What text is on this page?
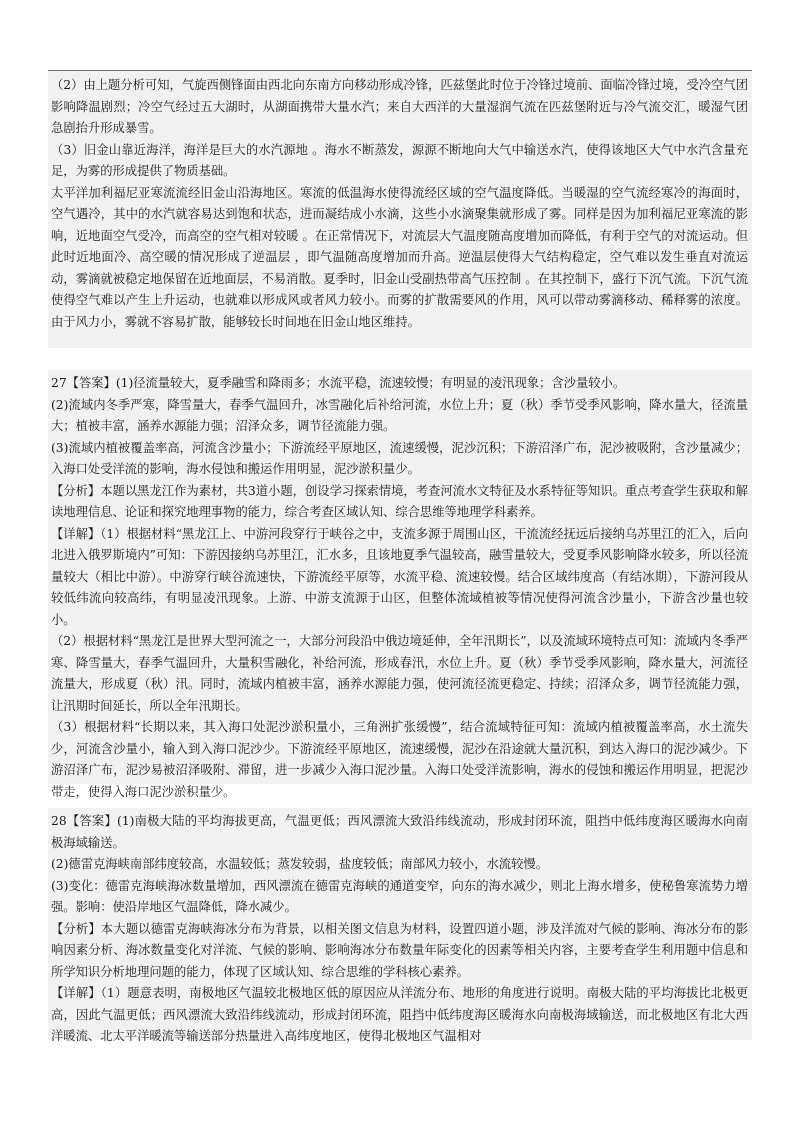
（2）由上题分析可知，气旋西侧锋面由西北向东南方向移动形成冷锋，匹兹堡此时位于冷锋过境前、面临冷锋过境，受冷空气团影响降温剧烈；冷空气经过五大湖时，从湖面携带大量水汽；来自大西洋的大量湿润气流在匹兹堡附近与冷气流交汇，暖湿气团急剧抬升形成暴雪。

（3）旧金山靠近海洋，海洋是巨大的水汽源地 。海水不断蒸发，源源不断地向大气中输送水汽，使得该地区大气中水汽含量充足，为雾的形成提供了物质基础。

太平洋加利福尼亚寒流流经旧金山沿海地区。寒流的低温海水使得流经区域的空气温度降低。当暖湿的空气流经寒冷的海面时，空气遇冷，其中的水汽就容易达到饱和状态，进而凝结成小水滴，这些小水滴聚集就形成了雾。同样是因为加利福尼亚寒流的影响，近地面空气受冷，而高空的空气相对较暖 。在正常情况下，对流层大气温度随高度增加而降低，有利于空气的对流运动。但此时近地面冷、高空暖的情况形成了逆温层 ，即气温随高度增加而升高。逆温层使得大气结构稳定，空气难以发生垂直对流运动，雾滴就被稳定地保留在近地面层，不易消散。夏季时，旧金山受副热带高气压控制 。在其控制下，盛行下沉气流。下沉气流使得空气难以产生上升运动，也就难以形成风或者风力较小。而雾的扩散需要风的作用，风可以带动雾滴移动、稀释雾的浓度。由于风力小，雾就不容易扩散，能够较长时间地在旧金山地区维持。

27【答案】(1)径流量较大，夏季融雪和降雨多；水流平稳，流速较慢；有明显的凌汛现象；含沙量较小。

(2)流域内冬季严寒，降雪量大，春季气温回升，冰雪融化后补给河流，水位上升；夏（秋）季节受季风影响，降水量大，径流量大；植被丰富，涵养水源能力强；沼泽众多，调节径流能力强。

(3)流域内植被覆盖率高，河流含沙量小；下游流经平原地区，流速缓慢，泥沙沉积；下游沼泽广布，泥沙被吸附，含沙量减少；入海口处受洋流的影响，海水侵蚀和搬运作用明显，泥沙淤积量少。

【分析】本题以黑龙江作为素材，共3道小题，创设学习探索情境，考查河流水文特征及水系特征等知识。重点考查学生获取和解读地理信息、论证和探究地理事物的能力，综合考查区域认知、综合思维等地理学科素养。

【详解】（1）根据材料“黑龙江上、中游河段穿行于峡谷之中，支流多源于周围山区，干流流经抚远后接纳乌苏里江的汇入，后向北进入俄罗斯境内”可知：下游因接纳乌苏里江，汇水多，且该地夏季气温较高，融雪量较大，受夏季风影响降水较多，所以径流量较大（相比中游）。中游穿行峡谷流速快，下游流经平原等，水流平稳、流速较慢。结合区域纬度高（有结冰期），下游河段从较低纬流向较高纬，有明显凌汛现象。上游、中游支流源于山区，但整体流域植被等情况使得河流含沙量小，下游含沙量也较小。

（2）根据材料“黑龙江是世界大型河流之一，大部分河段沿中俄边境延伸，全年汛期长”，以及流域环境特点可知：流域内冬季严寒、降雪量大，春季气温回升，大量积雪融化，补给河流，形成春汛，水位上升。夏（秋）季节受季风影响，降水量大，河流径流量大，形成夏（秋）汛。同时，流域内植被丰富，涵养水源能力强，使河流径流更稳定、持续；沼泽众多，调节径流能力强，让汛期时间延长，所以全年汛期长。

（3）根据材料“长期以来，其入海口处泥沙淤积量小，三角洲扩张缓慢”，结合流域特征可知：流域内植被覆盖率高，水土流失少，河流含沙量小，输入到入海口泥沙少。下游流经平原地区，流速缓慢，泥沙在沿途就大量沉积，到达入海口的泥沙减少。下游沼泽广布，泥沙易被沼泽吸附、滞留，进一步减少入海口泥沙量。入海口处受洋流影响，海水的侵蚀和搬运作用明显，把泥沙带走，使得入海口泥沙淤积量少。

28【答案】(1)南极大陆的平均海拔更高，气温更低；西风漂流大致沿纬线流动，形成封闭环流，阻挡中低纬度海区暖海水向南极海域输送。

(2)德雷克海峡南部纬度较高，水温较低；蒸发较弱，盐度较低；南部风力较小，水流较慢。

(3)变化：德雷克海峡海冰数量增加，西风漂流在德雷克海峡的通道变窄，向东的海水减少，则北上海水增多，使秘鲁寒流势力增强。影响：使沿岸地区气温降低，降水减少。

【分析】本大题以德雷克海峡海冰分布为背景，以相关图文信息为材料，设置四道小题，涉及洋流对气候的影响、海冰分布的影响因素分析、海冰数量变化对洋流、气候的影响、影响海冰分布数量年际变化的因素等相关内容，主要考查学生利用题中信息和所学知识分析地理问题的能力，体现了区域认知、综合思维的学科核心素养。

【详解】（1）题意表明，南极地区气温较北极地区低的原因应从洋流分布、地形的角度进行说明。南极大陆的平均海拔比北极更高，因此气温更低；西风漂流大致沿纬线流动，形成封闭环流，阻挡中低纬度海区暖海水向南极海域输送，而北极地区有北大西洋暖流、北太平洋暖流等输送部分热量进入高纬度地区，使得北极地区气温相对
